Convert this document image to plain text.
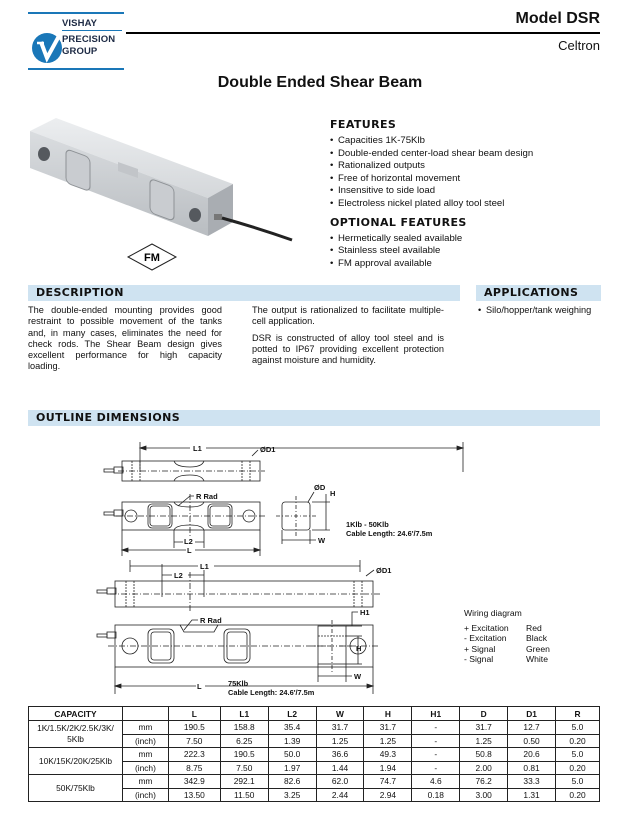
VISHAY
PRECISION
GROUP
Model DSR
Celtron
Double Ended Shear Beam
FM
FEATURES
• Capacities 1K-75Klb
• Double-ended center-load shear beam design
• Rationalized outputs
• Free of horizontal movement
• Insensitive to side load
• Electroless nickel plated alloy tool steel
OPTIONAL FEATURES
• Hermetically sealed available
• Stainless steel available
• FM approval available
DESCRIPTION	APPLICATIONS

The double-ended mounting provides good restraint to possible movement of the tanks and, in many cases, eliminates the need for check rods. The Shear Beam design gives excellent performance for high capacity loading.

The output is rationalized to facilitate multiple-cell application.

DSR is constructed of alloy tool steel and is potted to IP67 providing excellent protection against moisture and humidity.

• Silo/hopper/tank weighing
OUTLINE DIMENSIONS
L1	ØD1
R Rad
L2
L
ØD
H
W
L1
L2
ØD1
R Rad
L
H1
H
W
1Klb - 50Klb
Cable Length: 24.6'/7.5m
75Klb
Cable Length: 24.6'/7.5m
Wiring diagram
+ Excitation	Red
- Excitation	Black
+ Signal	Green
- Signal	White
CAPACITY		L	L1	L2	W	H	H1	D	D1	R
1K/1.5K/2K/2.5K/3K/ 5Klb	mm	190.5	158.8	35.4	31.7	31.7	-	31.7	12.7	5.0
	(inch)	7.50	6.25	1.39	1.25	1.25	-	1.25	0.50	0.20
10K/15K/20K/25Klb	mm	222.3	190.5	50.0	36.6	49.3	-	50.8	20.6	5.0
	(inch)	8.75	7.50	1.97	1.44	1.94	-	2.00	0.81	0.20
50K/75Klb	mm	342.9	292.1	82.6	62.0	74.7	4.6	76.2	33.3	5.0
	(inch)	13.50	11.50	3.25	2.44	2.94	0.18	3.00	1.31	0.20
